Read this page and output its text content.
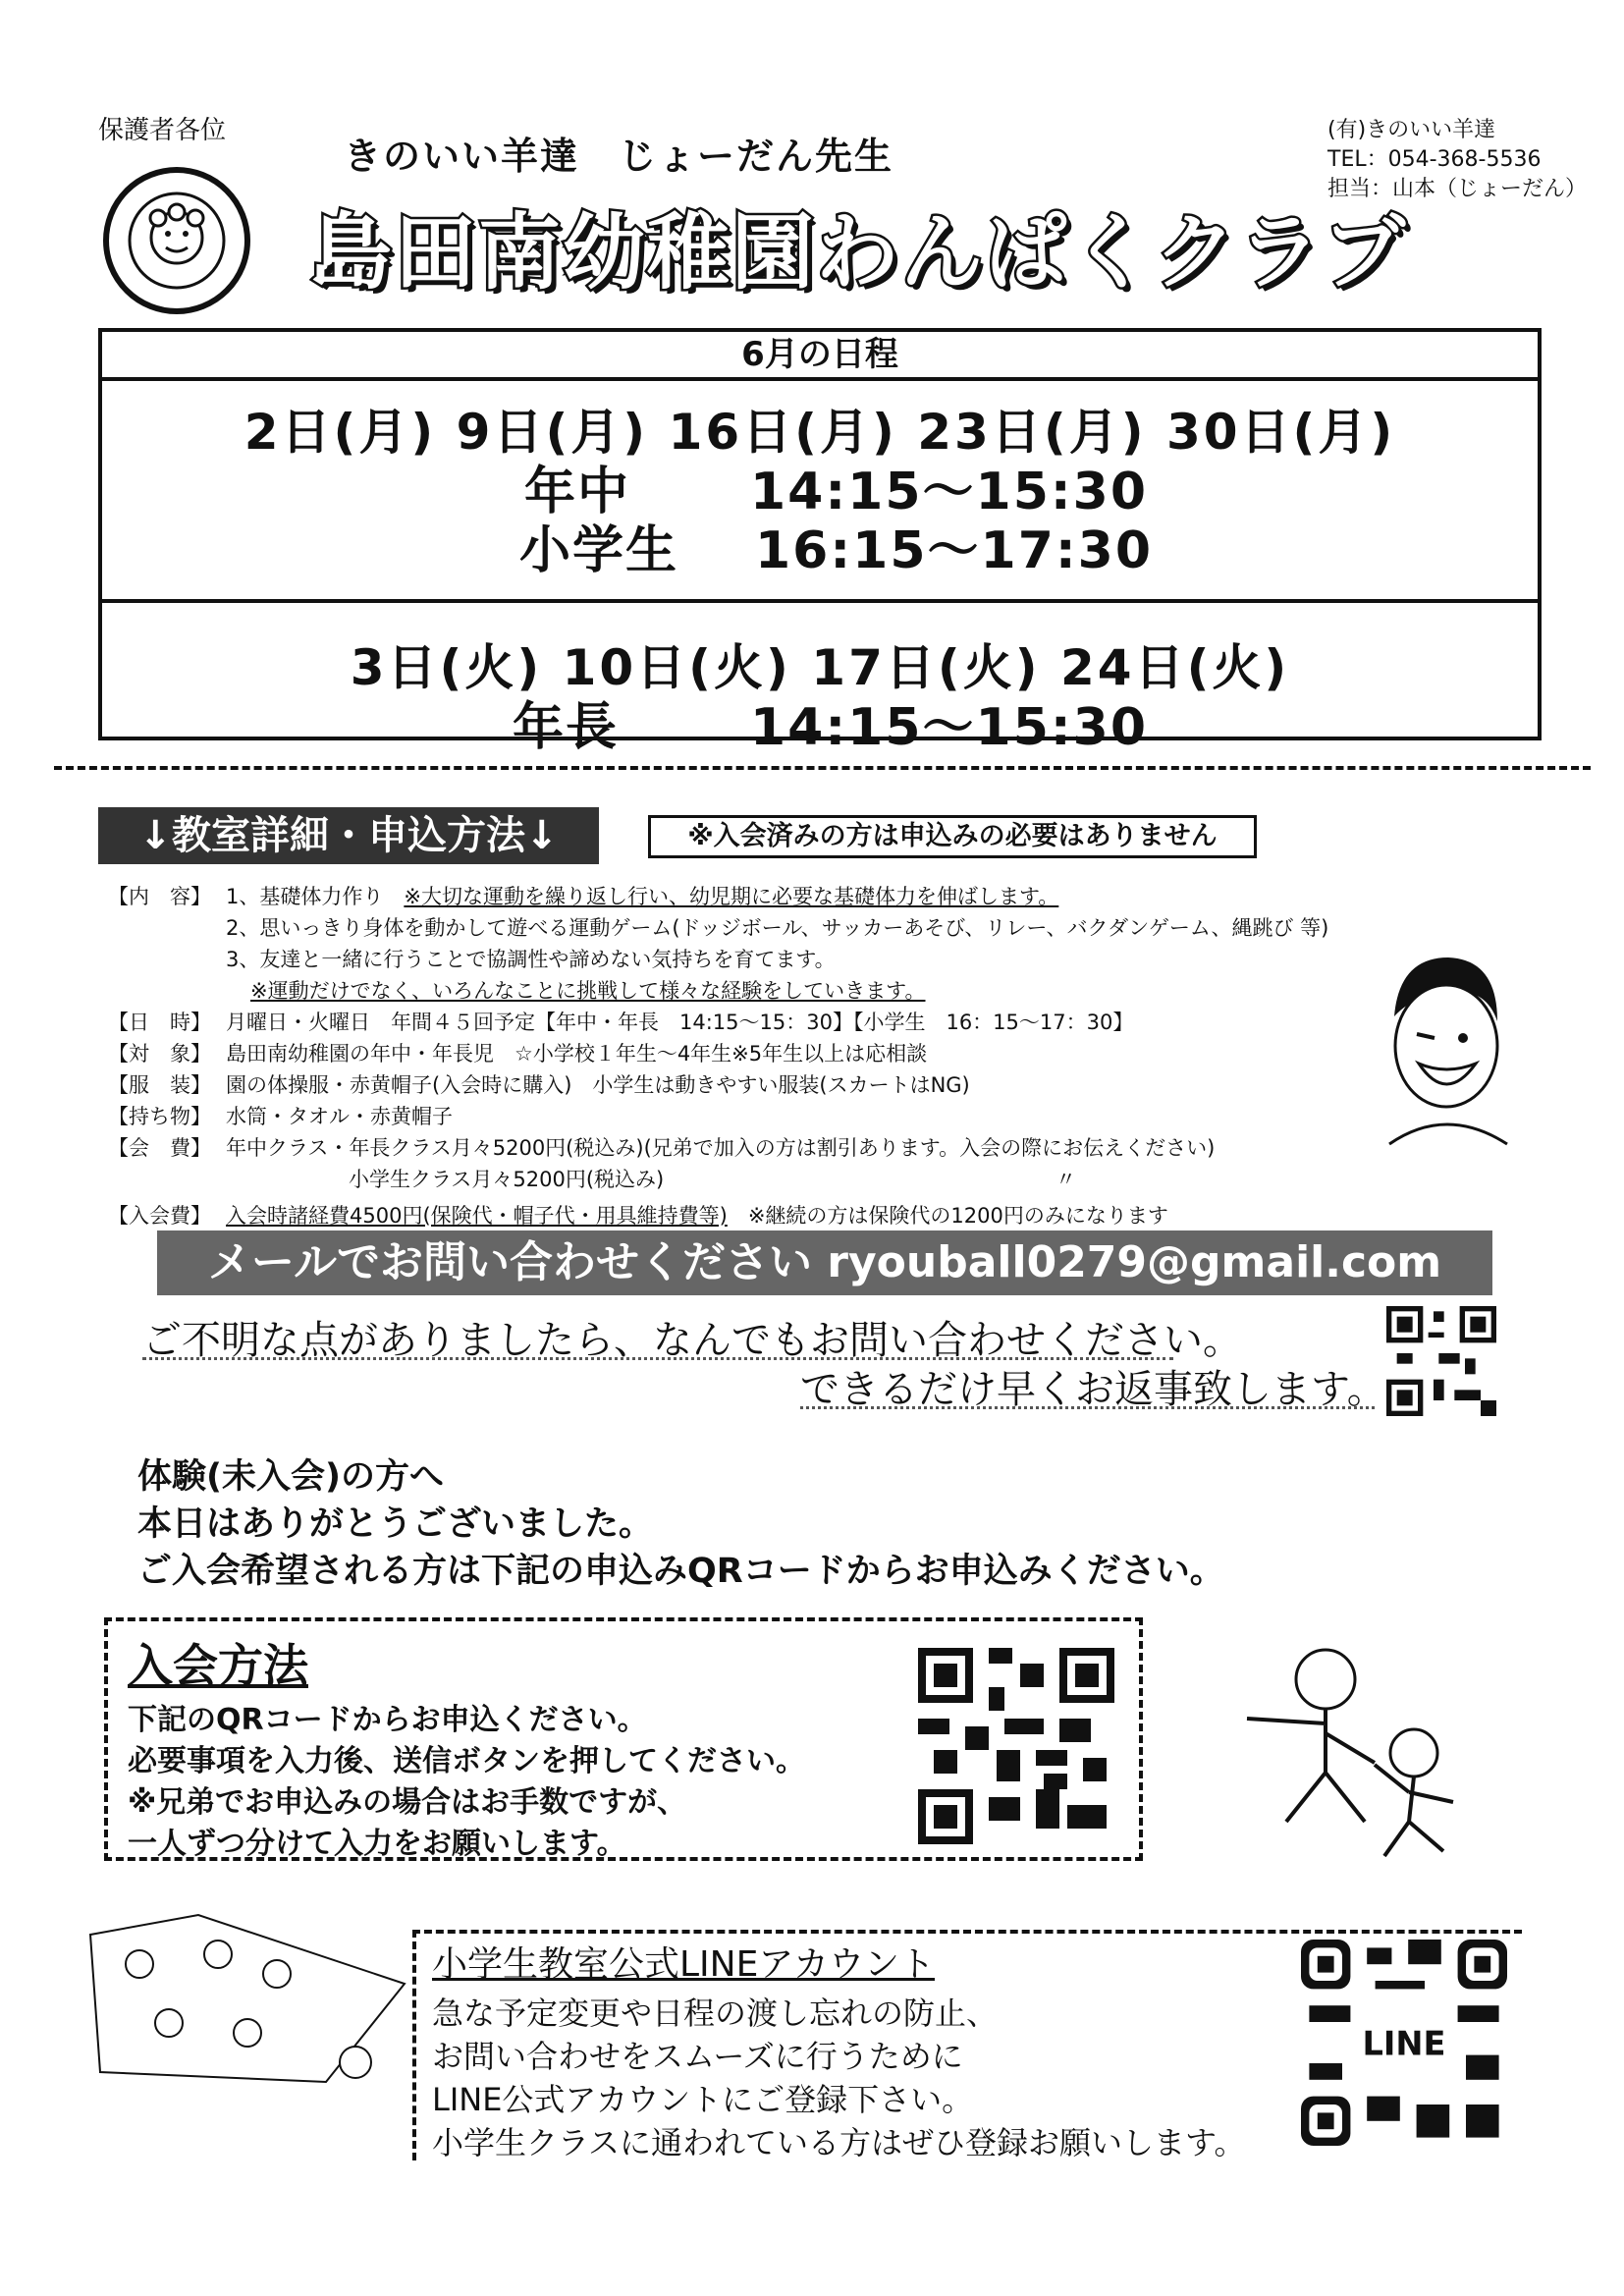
保護者各位
きのいい羊達　じょーだん先生
島田南幼稚園わんぱくクラブ
(有)きのいい羊達
TEL：054-368-5536
担当：山本（じょーだん）
6月の日程
2日(月) 9日(月) 16日(月) 23日(月) 30日(月)
年中 14:15〜15:30
小学生 16:15〜17:30
3日(火) 10日(火) 17日(火) 24日(火)
年長	14:15〜15:30
↓教室詳細・申込方法↓	※入会済みの方は申込みの必要はありません
【内　容】 1、基礎体力作り　※大切な運動を繰り返し行い、幼児期に必要な基礎体力を伸ばします。
2、思いっきり身体を動かして遊べる運動ゲーム(ドッジボール、サッカーあそび、リレー、バクダンゲーム、縄跳び 等)
3、友達と一緒に行うことで協調性や諦めない気持ちを育てます。
※運動だけでなく、いろんなことに挑戦して様々な経験をしていきます。
【日　時】 月曜日・火曜日　年間４５回予定【年中・年長　14:15〜15：30】【小学生　16：15〜17：30】
【対　象】 島田南幼稚園の年中・年長児　☆小学校１年生〜4年生※5年生以上は応相談
【服　装】 園の体操服・赤黄帽子(入会時に購入)　小学生は動きやすい服装(スカートはNG)
【持ち物】 水筒・タオル・赤黄帽子
【会　費】 年中クラス・年長クラス月々5200円(税込み)(兄弟で加入の方は割引あります。入会の際にお伝えください)
小学生クラス月々5200円(税込み)	〃
【入会費】 入会時諸経費4500円(保険代・帽子代・用具維持費等)　※継続の方は保険代の1200円のみになります
メールでお問い合わせください ryouball0279@gmail.com
ご不明な点がありましたら、なんでもお問い合わせください。
できるだけ早くお返事致します。
体験(未入会)の方へ
本日はありがとうございました。
ご入会希望される方は下記の申込みQRコードからお申込みください。
入会方法
下記のQRコードからお申込ください。
必要事項を入力後、送信ボタンを押してください。
※兄弟でお申込みの場合はお手数ですが、
一人ずつ分けて入力をお願いします。
小学生教室公式LINEアカウント
急な予定変更や日程の渡し忘れの防止、
お問い合わせをスムーズに行うために
LINE公式アカウントにご登録下さい。
小学生クラスに通われている方はぜひ登録お願いします。
LINE
